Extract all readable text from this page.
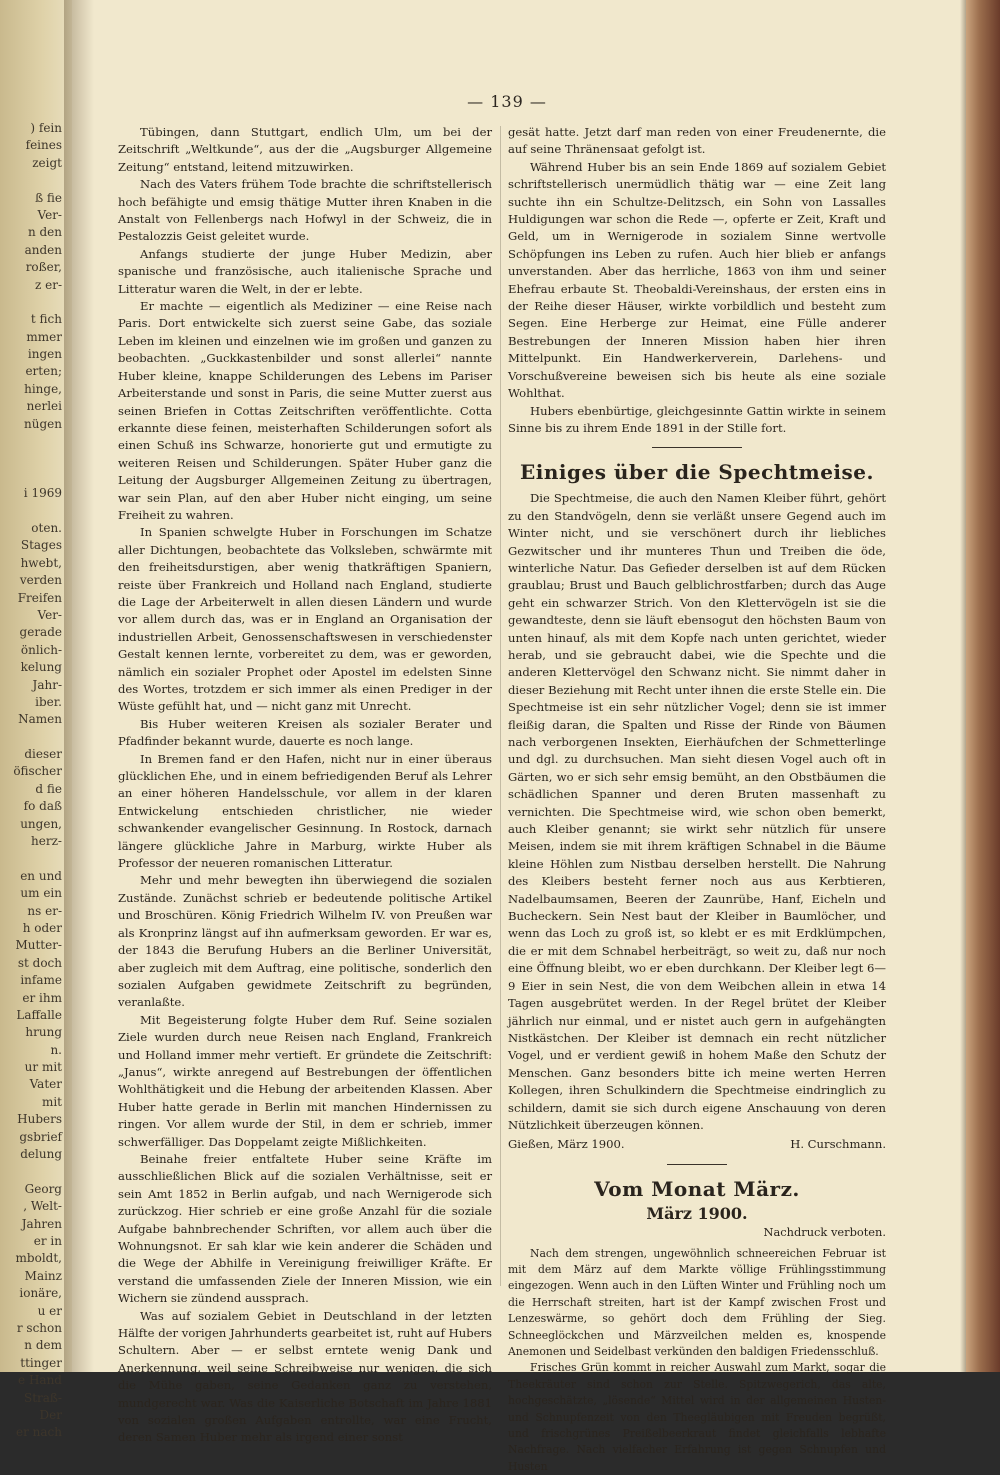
) fein
feines
zeigt
ß fie
Ver-
n den
anden
roßer,
z er-
t fich
mmer
ingen
erten;
hinge,
nerlei
nügen
i 1969
oten.
Stages
hwebt,
verden
Freifen
Ver-
gerade
önlich-
kelung
Jahr-
iber.
Namen
dieser
öfischer
d fie
fo daß
ungen,
herz-
en und
um ein
ns er-
h oder
Mutter-
st doch
infame
er ihm
Laffalle
hrung
n.
ur mit
Vater
mit
Hubers
gsbrief
delung
Georg
, Welt-
Jahren
er in
mboldt,
Mainz
ionäre,
u er
r schon
n dem
ttinger
e Hand
Straß-
Der
er nach
— 139 —

Tübingen, dann Stuttgart, endlich Ulm, um bei der Zeitschrift „Weltkunde“, aus der die „Augsburger Allgemeine Zeitung“ entstand, leitend mitzuwirken.

Nach des Vaters frühem Tode brachte die schriftstellerisch hoch befähigte und emsig thätige Mutter ihren Knaben in die Anstalt von Fellenbergs nach Hofwyl in der Schweiz, die in Pestalozzis Geist geleitet wurde.

Anfangs studierte der junge Huber Medizin, aber spanische und französische, auch italienische Sprache und Litteratur waren die Welt, in der er lebte.

Er machte — eigentlich als Mediziner — eine Reise nach Paris. Dort entwickelte sich zuerst seine Gabe, das soziale Leben im kleinen und einzelnen wie im großen und ganzen zu beobachten. „Guckkastenbilder und sonst allerlei“ nannte Huber kleine, knappe Schilderungen des Lebens im Pariser Arbeiterstande und sonst in Paris, die seine Mutter zuerst aus seinen Briefen in Cottas Zeitschriften veröffentlichte. Cotta erkannte diese feinen, meisterhaften Schilderungen sofort als einen Schuß ins Schwarze, honorierte gut und ermutigte zu weiteren Reisen und Schilderungen. Später Huber ganz die Leitung der Augsburger Allgemeinen Zeitung zu übertragen, war sein Plan, auf den aber Huber nicht einging, um seine Freiheit zu wahren.

In Spanien schwelgte Huber in Forschungen im Schatze aller Dichtungen, beobachtete das Volksleben, schwärmte mit den freiheitsdurstigen, aber wenig thatkräftigen Spaniern, reiste über Frankreich und Holland nach England, studierte die Lage der Arbeiterwelt in allen diesen Ländern und wurde vor allem durch das, was er in England an Organisation der industriellen Arbeit, Genossenschaftswesen in verschiedenster Gestalt kennen lernte, vorbereitet zu dem, was er geworden, nämlich ein sozialer Prophet oder Apostel im edelsten Sinne des Wortes, trotzdem er sich immer als einen Prediger in der Wüste gefühlt hat, und — nicht ganz mit Unrecht.

Bis Huber weiteren Kreisen als sozialer Berater und Pfadfinder bekannt wurde, dauerte es noch lange.

In Bremen fand er den Hafen, nicht nur in einer überaus glücklichen Ehe, und in einem befriedigenden Beruf als Lehrer an einer höheren Handelsschule, vor allem in der klaren Entwickelung entschieden christlicher, nie wieder schwankender evangelischer Gesinnung. In Rostock, darnach längere glückliche Jahre in Marburg, wirkte Huber als Professor der neueren romanischen Litteratur.

Mehr und mehr bewegten ihn überwiegend die sozialen Zustände. Zunächst schrieb er bedeutende politische Artikel und Broschüren. König Friedrich Wilhelm IV. von Preußen war als Kronprinz längst auf ihn aufmerksam geworden. Er war es, der 1843 die Berufung Hubers an die Berliner Universität, aber zugleich mit dem Auftrag, eine politische, sonderlich den sozialen Aufgaben gewidmete Zeitschrift zu begründen, veranlaßte.

Mit Begeisterung folgte Huber dem Ruf. Seine sozialen Ziele wurden durch neue Reisen nach England, Frankreich und Holland immer mehr vertieft. Er gründete die Zeitschrift: „Janus“, wirkte anregend auf Bestrebungen der öffentlichen Wohlthätigkeit und die Hebung der arbeitenden Klassen. Aber Huber hatte gerade in Berlin mit manchen Hindernissen zu ringen. Vor allem wurde der Stil, in dem er schrieb, immer schwerfälliger. Das Doppelamt zeigte Mißlichkeiten.

Beinahe freier entfaltete Huber seine Kräfte im ausschließlichen Blick auf die sozialen Verhältnisse, seit er sein Amt 1852 in Berlin aufgab, und nach Wernigerode sich zurückzog. Hier schrieb er eine große Anzahl für die soziale Aufgabe bahnbrechender Schriften, vor allem auch über die Wohnungsnot. Er sah klar wie kein anderer die Schäden und die Wege der Abhilfe in Vereinigung freiwilliger Kräfte. Er verstand die umfassenden Ziele der Inneren Mission, wie ein Wichern sie zündend aussprach.

Was auf sozialem Gebiet in Deutschland in der letzten Hälfte der vorigen Jahrhunderts gearbeitet ist, ruht auf Hubers Schultern. Aber — er selbst erntete wenig Dank und Anerkennung, weil seine Schreibweise nur wenigen, die sich die Mühe gaben, seine Gedanken ganz zu verstehen, mundgerecht war. Was die Kaiserliche Botschaft im Jahre 1881 von sozialen großen Aufgaben entrollte, war eine Frucht, deren Samen Huber mehr als irgend einer sonst

gesät hatte. Jetzt darf man reden von einer Freudenernte, die auf seine Thränensaat gefolgt ist.

Während Huber bis an sein Ende 1869 auf sozialem Gebiet schriftstellerisch unermüdlich thätig war — eine Zeit lang suchte ihn ein Schultze-Delitzsch, ein Sohn von Lassalles Huldigungen war schon die Rede —, opferte er Zeit, Kraft und Geld, um in Wernigerode in sozialem Sinne wertvolle Schöpfungen ins Leben zu rufen. Auch hier blieb er anfangs unverstanden. Aber das herrliche, 1863 von ihm und seiner Ehefrau erbaute St. Theobaldi-Vereinshaus, der ersten eins in der Reihe dieser Häuser, wirkte vorbildlich und besteht zum Segen. Eine Herberge zur Heimat, eine Fülle anderer Bestrebungen der Inneren Mission haben hier ihren Mittelpunkt. Ein Handwerkerverein, Darlehens- und Vorschußvereine beweisen sich bis heute als eine soziale Wohlthat.

Hubers ebenbürtige, gleichgesinnte Gattin wirkte in seinem Sinne bis zu ihrem Ende 1891 in der Stille fort.

Einiges über die Spechtmeise.

Die Spechtmeise, die auch den Namen Kleiber führt, gehört zu den Standvögeln, denn sie verläßt unsere Gegend auch im Winter nicht, und sie verschönert durch ihr liebliches Gezwitscher und ihr munteres Thun und Treiben die öde, winterliche Natur. Das Gefieder derselben ist auf dem Rücken graublau; Brust und Bauch gelblichrostfarben; durch das Auge geht ein schwarzer Strich. Von den Klettervögeln ist sie die gewandteste, denn sie läuft ebensogut den höchsten Baum von unten hinauf, als mit dem Kopfe nach unten gerichtet, wieder herab, und sie gebraucht dabei, wie die Spechte und die anderen Klettervögel den Schwanz nicht. Sie nimmt daher in dieser Beziehung mit Recht unter ihnen die erste Stelle ein. Die Spechtmeise ist ein sehr nützlicher Vogel; denn sie ist immer fleißig daran, die Spalten und Risse der Rinde von Bäumen nach verborgenen Insekten, Eierhäufchen der Schmetterlinge und dgl. zu durchsuchen. Man sieht diesen Vogel auch oft in Gärten, wo er sich sehr emsig bemüht, an den Obstbäumen die schädlichen Spanner und deren Bruten massenhaft zu vernichten. Die Spechtmeise wird, wie schon oben bemerkt, auch Kleiber genannt; sie wirkt sehr nützlich für unsere Meisen, indem sie mit ihrem kräftigen Schnabel in die Bäume kleine Höhlen zum Nistbau derselben herstellt. Die Nahrung des Kleibers besteht ferner noch aus aus Kerbtieren, Nadelbaumsamen, Beeren der Zaunrübe, Hanf, Eicheln und Bucheckern. Sein Nest baut der Kleiber in Baumlöcher, und wenn das Loch zu groß ist, so klebt er es mit Erdklümpchen, die er mit dem Schnabel herbeiträgt, so weit zu, daß nur noch eine Öffnung bleibt, wo er eben durchkann. Der Kleiber legt 6—9 Eier in sein Nest, die von dem Weibchen allein in etwa 14 Tagen ausgebrütet werden. In der Regel brütet der Kleiber jährlich nur einmal, und er nistet auch gern in aufgehängten Nistkästchen. Der Kleiber ist demnach ein recht nützlicher Vogel, und er verdient gewiß in hohem Maße den Schutz der Menschen. Ganz besonders bitte ich meine werten Herren Kollegen, ihren Schulkindern die Spechtmeise eindringlich zu schildern, damit sie sich durch eigene Anschauung von deren Nützlichkeit überzeugen können.

Gießen, März 1900.	H. Curschmann.
Vom Monat März.
März 1900.
Nachdruck verboten.

Nach dem strengen, ungewöhnlich schneereichen Februar ist mit dem März auf dem Markte völlige Frühlingsstimmung eingezogen. Wenn auch in den Lüften Winter und Frühling noch um die Herrschaft streiten, hart ist der Kampf zwischen Frost und Lenzeswärme, so gehört doch dem Frühling der Sieg. Schneeglöckchen und Märzveilchen melden es, knospende Anemonen und Seidelbast verkünden den baldigen Friedensschluß.

Frisches Grün kommt in reicher Auswahl zum Markt, sogar die Theekräuter sind schon zur Stelle. Spitzwegerich, das alte, hochgeschätzte, „lösende“ Mittel wird in der allgemeinen Husten- und Schnupfenzeit von den Theegläubigen mit Freuden begrüßt, und frischgrünes Preißelbeerkraut findet gleichfalls lebhafte Nachfrage. Nach vielfacher Erfahrung ist gegen Schnupfen und Husten
